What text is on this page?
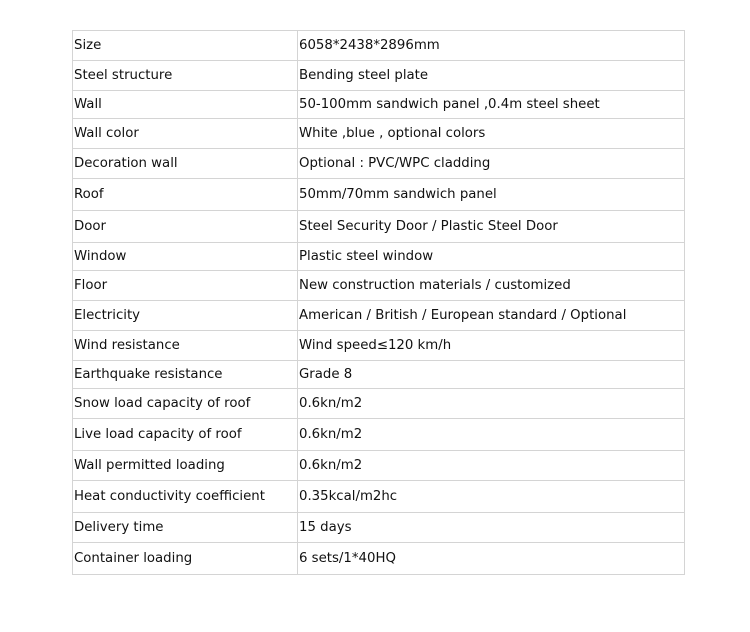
Size	6058*2438*2896mm
Steel structure	Bending steel plate
Wall	50-100mm sandwich panel ,0.4m steel sheet
Wall color	White ,blue , optional colors
Decoration wall	Optional : PVC/WPC cladding
Roof	50mm/70mm sandwich panel
Door	Steel Security Door / Plastic Steel Door
Window	Plastic steel window
Floor	New construction materials / customized
Electricity	American / British / European standard / Optional
Wind resistance	Wind speed≤120 km/h
Earthquake resistance	Grade 8
Snow load capacity of roof	0.6kn/m2
Live load capacity of roof	0.6kn/m2
Wall permitted loading	0.6kn/m2
Heat conductivity coefficient	0.35kcal/m2hc
Delivery time	15 days
Container loading	6 sets/1*40HQ
